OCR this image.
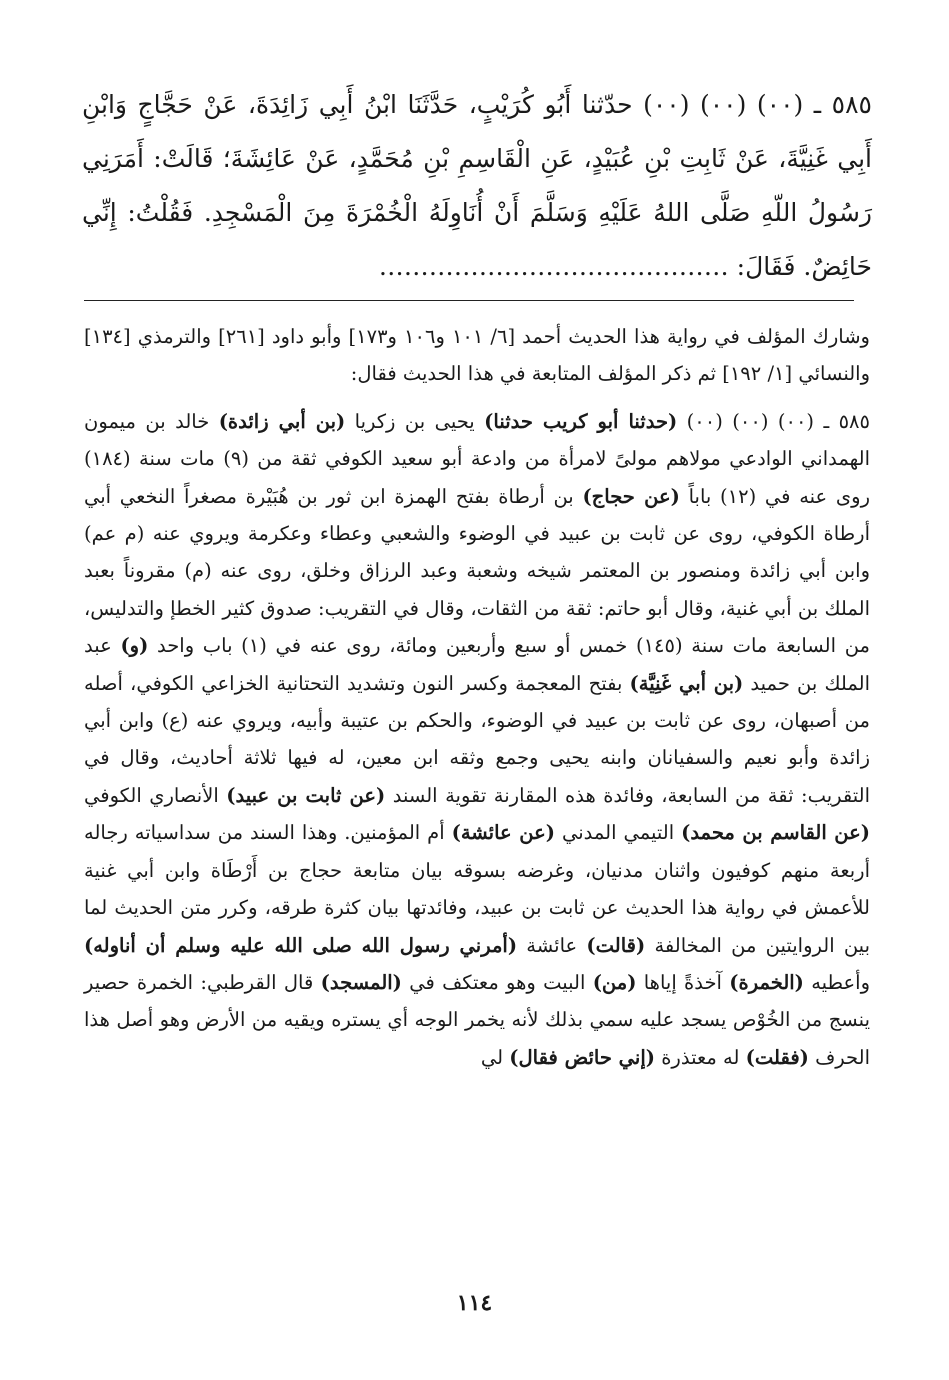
٥٨٥ ـ (٠٠) (٠٠) (٠٠) حدّثنا أَبُو كُرَيْبٍ، حَدَّثَنَا ابْنُ أَبِي زَائِدَةَ، عَنْ حَجَّاجٍ وَابْنِ أَبِي غَنِيَّةَ، عَنْ ثَابِتِ بْنِ عُبَيْدٍ، عَنِ الْقَاسِمِ بْنِ مُحَمَّدٍ، عَنْ عَائِشَةَ؛ قَالَتْ: أَمَرَنِي رَسُولُ اللّهِ صَلَّى اللهُ عَلَيْهِ وَسَلَّمَ أَنْ أُنَاوِلَهُ الْخُمْرَةَ مِنَ الْمَسْجِدِ. فَقُلْتُ: إِنِّي حَائِضٌ. فَقَالَ: ……………………………………

وشارك المؤلف في رواية هذا الحديث أحمد [٦/ ١٠١ و١٠٦ و١٧٣] وأبو داود [٢٦١] والترمذي [١٣٤] والنسائي [١/ ١٩٢] ثم ذكر المؤلف المتابعة في هذا الحديث فقال:

٥٨٥ ـ (٠٠) (٠٠) (٠٠) (حدثنا أبو كريب حدثنا) يحيى بن زكريا (بن أبي زائدة) خالد بن ميمون الهمداني الوادعي مولاهم مولىً لامرأة من وادعة أبو سعيد الكوفي ثقة من (٩) مات سنة (١٨٤) روى عنه في (١٢) باباً (عن حجاج) بن أرطاة بفتح الهمزة ابن ثور بن هُبَيْرة مصغراً النخعي أبي أرطاة الكوفي، روى عن ثابت بن عبيد في الوضوء والشعبي وعطاء وعكرمة ويروي عنه (م عم) وابن أبي زائدة ومنصور بن المعتمر شيخه وشعبة وعبد الرزاق وخلق، روى عنه (م) مقروناً بعبد الملك بن أبي غنية، وقال أبو حاتم: ثقة من الثقات، وقال في التقريب: صدوق كثير الخطإ والتدليس، من السابعة مات سنة (١٤٥) خمس أو سبع وأربعين ومائة، روى عنه في (١) باب واحد (و) عبد الملك بن حميد (بن أبي غَنِيَّة) بفتح المعجمة وكسر النون وتشديد التحتانية الخزاعي الكوفي، أصله من أصبهان، روى عن ثابت بن عبيد في الوضوء، والحكم بن عتيبة وأبيه، ويروي عنه (ع) وابن أبي زائدة وأبو نعيم والسفيانان وابنه يحيى وجمع وثقه ابن معين، له فيها ثلاثة أحاديث، وقال في التقريب: ثقة من السابعة، وفائدة هذه المقارنة تقوية السند (عن ثابت بن عبيد) الأنصاري الكوفي (عن القاسم بن محمد) التيمي المدني (عن عائشة) أم المؤمنين. وهذا السند من سداسياته رجاله أربعة منهم كوفيون واثنان مدنيان، وغرضه بسوقه بيان متابعة حجاج بن أَرْطَاة وابن أبي غنية للأعمش في رواية هذا الحديث عن ثابت بن عبيد، وفائدتها بيان كثرة طرقه، وكرر متن الحديث لما بين الروايتين من المخالفة (قالت) عائشة (أمرني رسول الله صلى الله عليه وسلم أن أناوله) وأعطيه (الخمرة) آخذةً إياها (من) البيت وهو معتكف في (المسجد) قال القرطبي: الخمرة حصير ينسج من الخُوْص يسجد عليه سمي بذلك لأنه يخمر الوجه أي يستره ويقيه من الأرض وهو أصل هذا الحرف (فقلت) له معتذرة (إني حائض فقال) لي

١١٤
